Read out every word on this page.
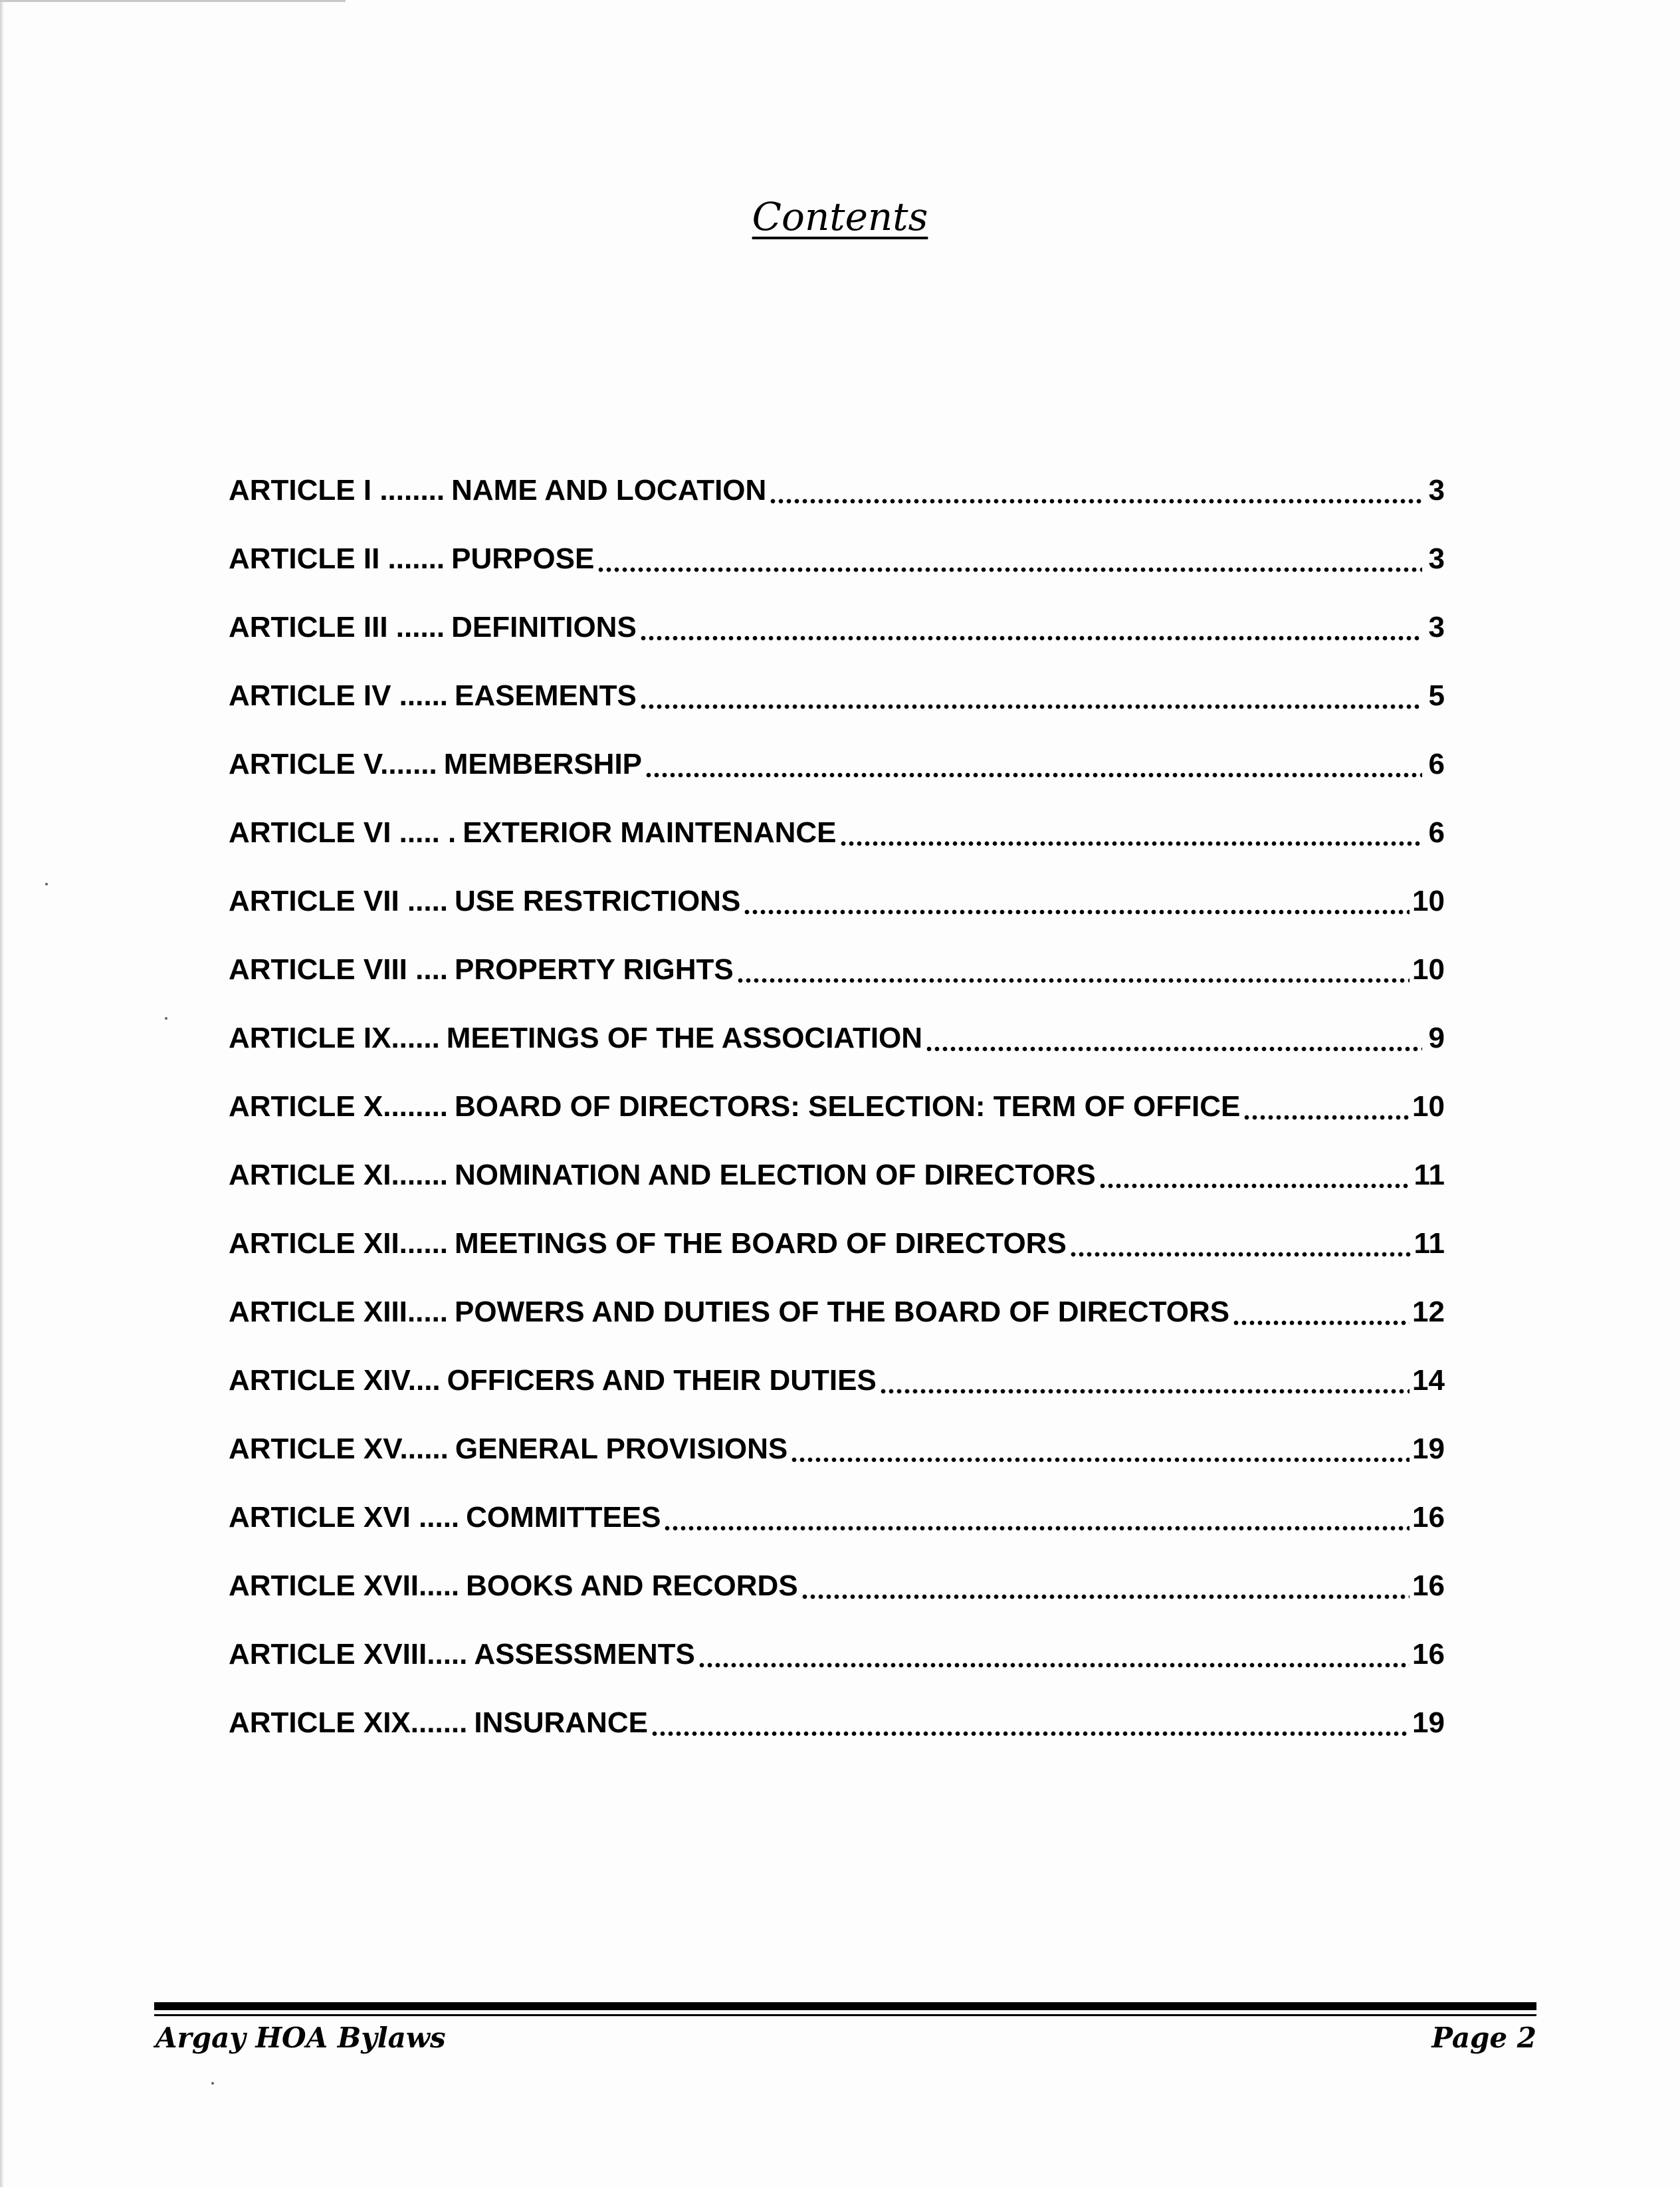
Contents
ARTICLE I ........ NAME AND LOCATION	3
ARTICLE II ....... PURPOSE	3
ARTICLE III ...... DEFINITIONS	3
ARTICLE IV ...... EASEMENTS	5
ARTICLE V....... MEMBERSHIP	6
ARTICLE VI ..... . EXTERIOR MAINTENANCE	6
ARTICLE VII ..... USE RESTRICTIONS	10
ARTICLE VIII .... PROPERTY RIGHTS	10
ARTICLE IX...... MEETINGS OF THE ASSOCIATION	9
ARTICLE X........ BOARD OF DIRECTORS: SELECTION: TERM OF OFFICE	10
ARTICLE XI....... NOMINATION AND ELECTION OF DIRECTORS	11
ARTICLE XII...... MEETINGS OF THE BOARD OF DIRECTORS	11
ARTICLE XIII..... POWERS AND DUTIES OF THE BOARD OF DIRECTORS	12
ARTICLE XIV.... OFFICERS AND THEIR DUTIES	14
ARTICLE XV...... GENERAL PROVISIONS	19
ARTICLE XVI ..... COMMITTEES	16
ARTICLE XVII..... BOOKS AND RECORDS	16
ARTICLE XVIII..... ASSESSMENTS	16
ARTICLE XIX....... INSURANCE	19
Argay HOA Bylaws	Page 2
